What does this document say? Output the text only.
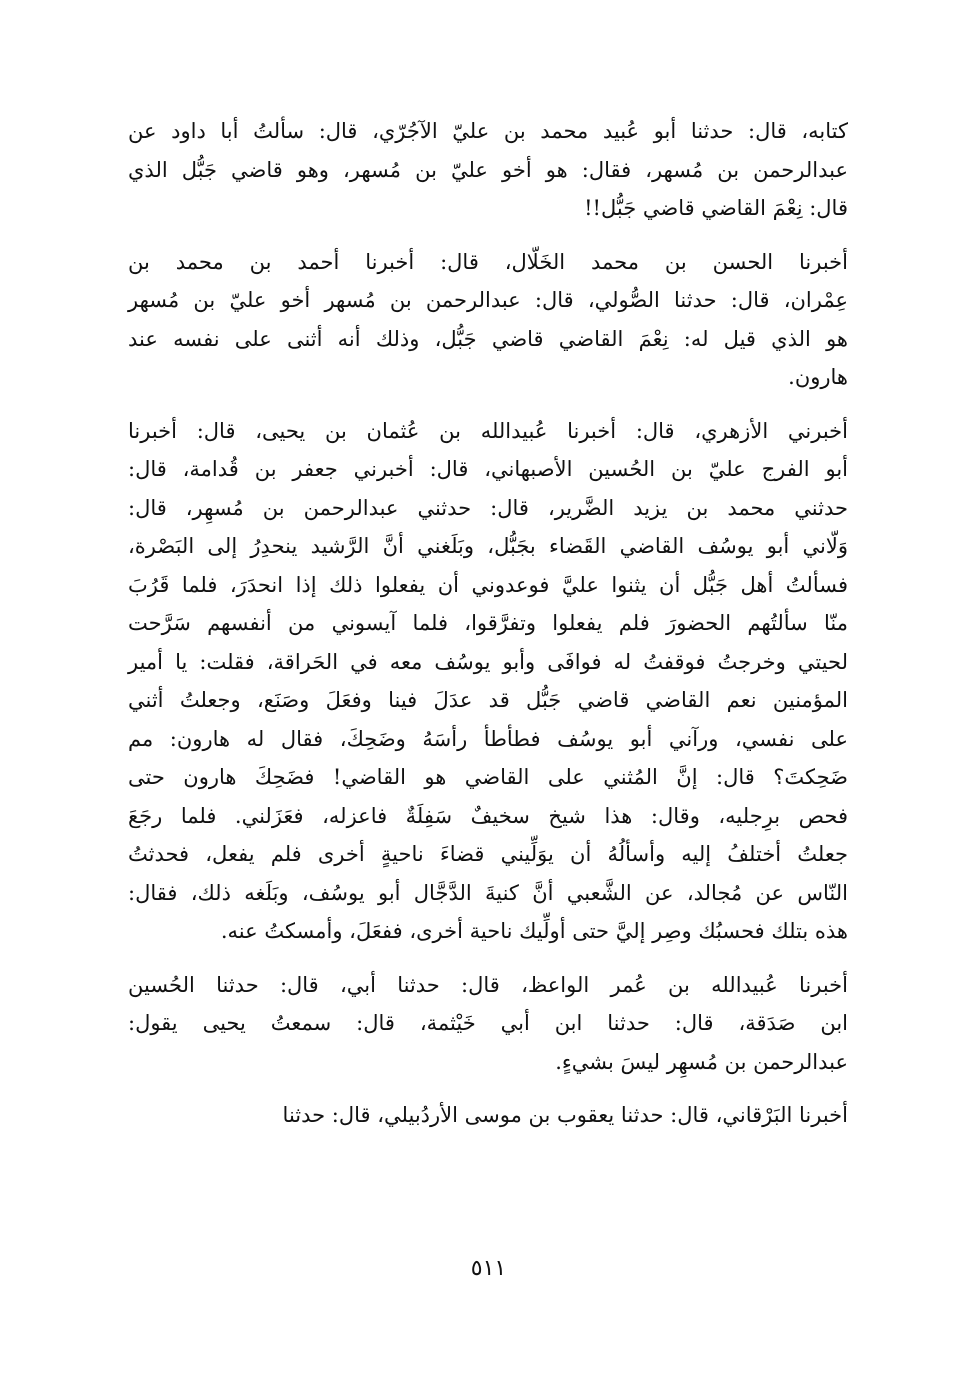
كتابه، قال: حدثنا أبو عُبيد محمد بن عليّ الآجُرّي، قال: سألتُ أبا داود عن
عبدالرحمن بن مُسهر، فقال: هو أخو عليّ بن مُسهر، وهو قاضي جَبُّل الذي
قال: نِعْمَ القاضي قاضي جَبُّل!!

أخبرنا الحسن بن محمد الخَلّال، قال: أخبرنا أحمد بن محمد بن
عِمْران، قال: حدثنا الصُّولي، قال: عبدالرحمن بن مُسهر أخو عليّ بن مُسهر
هو الذي قيل له: نِعْمَ القاضي قاضي جَبُّل، وذلك أنه أثنى على نفسه عند
هارون.

أخبرني الأزهري، قال: أخبرنا عُبيدالله بن عُثمان بن يحيى، قال: أخبرنا
أبو الفرج عليّ بن الحُسين الأصبهاني، قال: أخبرني جعفر بن قُدامة، قال:
حدثني محمد بن يزيد الضَّرير، قال: حدثني عبدالرحمن بن مُسهِر، قال:
وَلّاني أبو يوسُف القاضي القَضاء بجَبُّل، وبَلَغني أنَّ الرَّشيد ينحدِرُ إلى البَصْرة،
فسألتُ أهل جَبُّل أن يثنوا عليَّ فوعدوني أن يفعلوا ذلك إذا انحدَرَ، فلما قَرُبَ
منّا سألتُهم الحضورَ فلم يفعلوا وتفرَّقوا، فلما آيسوني من أنفسهم سَرَّحت
لحيتي وخرجتُ فوقفتُ له فوافَى وأبو يوسُف معه في الحَراقة، فقلت: يا أمير
المؤمنين نعم القاضي قاضي جَبُّل قد عدَلَ فينا وفعَلَ وصَنَع، وجعلتُ أثني
على نفسي، ورآني أبو يوسُف فطأطأ رأسَهُ وضَحِكَ، فقال له هارون: مم
ضَحِكتَ؟ قال: إنَّ المُثني على القاضي هو القاضي! فضَحِكَ هارون حتى
فحص برِجليه، وقال: هذا شيخ سخيفٌ سَفِلَةٌ فاعزله، فعَزَلني. فلما رجَعَ
جعلتُ أختلفُ إليه وأسألُهُ أن يوَلِّيني قضاءَ ناحيةٍ أخرى فلم يفعل، فحدثتُ
النّاس عن مُجالد، عن الشَّعبي أنَّ كنيةَ الدَّجَّال أبو يوسُف، وبَلَغه ذلك، فقال:
هذه بتلك فحسبُك وصِر إليَّ حتى أولِّيك ناحية أخرى، ففعَلَ، وأمسكتُ عنه.

أخبرنا عُبيدالله بن عُمر الواعظ، قال: حدثنا أبي، قال: حدثنا الحُسين
ابن صَدَقة، قال: حدثنا ابن أبي خَيْثمة، قال: سمعتُ يحيى يقول:
عبدالرحمن بن مُسهِر ليسَ بشيءٍ.

أخبرنا البَرْقاني، قال: حدثنا يعقوب بن موسى الأردُبيلي، قال: حدثنا

٥١١
